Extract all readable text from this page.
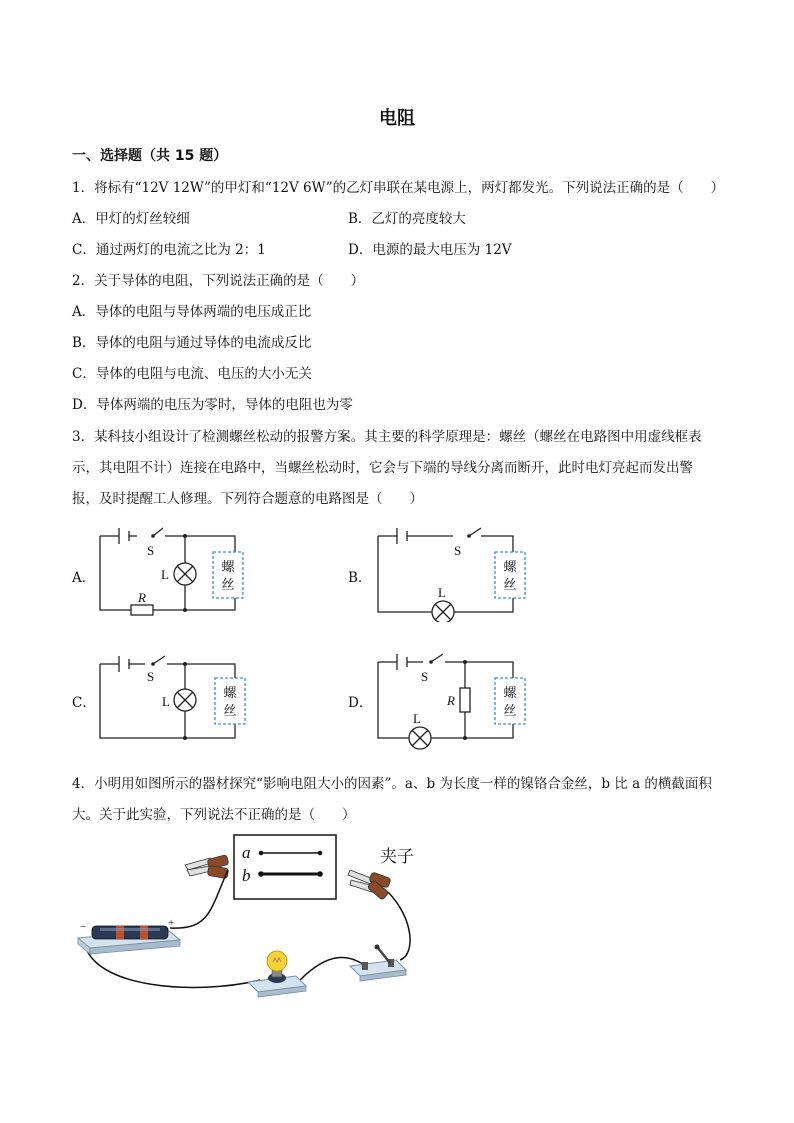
电阻
一、选择题（共 15 题）
1．将标有“12V 12W”的甲灯和“12V 6W”的乙灯串联在某电源上，两灯都发光。下列说法正确的是（　　）
A．甲灯的灯丝较细	B．乙灯的亮度较大
C．通过两灯的电流之比为 2：1	D．电源的最大电压为 12V
2．关于导体的电阻，下列说法正确的是（　　）
A．导体的电阻与导体两端的电压成正比
B．导体的电阻与通过导体的电流成反比
C．导体的电阻与电流、电压的大小无关
D．导体两端的电压为零时，导体的电阻也为零
3．某科技小组设计了检测螺丝松动的报警方案。其主要的科学原理是：螺丝（螺丝在电路图中用虚线框表
示，其电阻不计）连接在电路中，当螺丝松动时，它会与下端的导线分离而断开，此时电灯亮起而发出警
报，及时提醒工人修理。下列符合题意的电路图是（　　）
A．	B．
C．	D．
螺
丝
S
L
R
螺
丝
S
L
螺
丝
S
L
螺
丝
S
L
R
4．小明用如图所示的器材探究“影响电阻大小的因素”。a、b 为长度一样的镍铬合金丝，b 比 a 的横截面积
大。关于此实验，下列说法不正确的是（　　）
a
b
夹子
−	+
